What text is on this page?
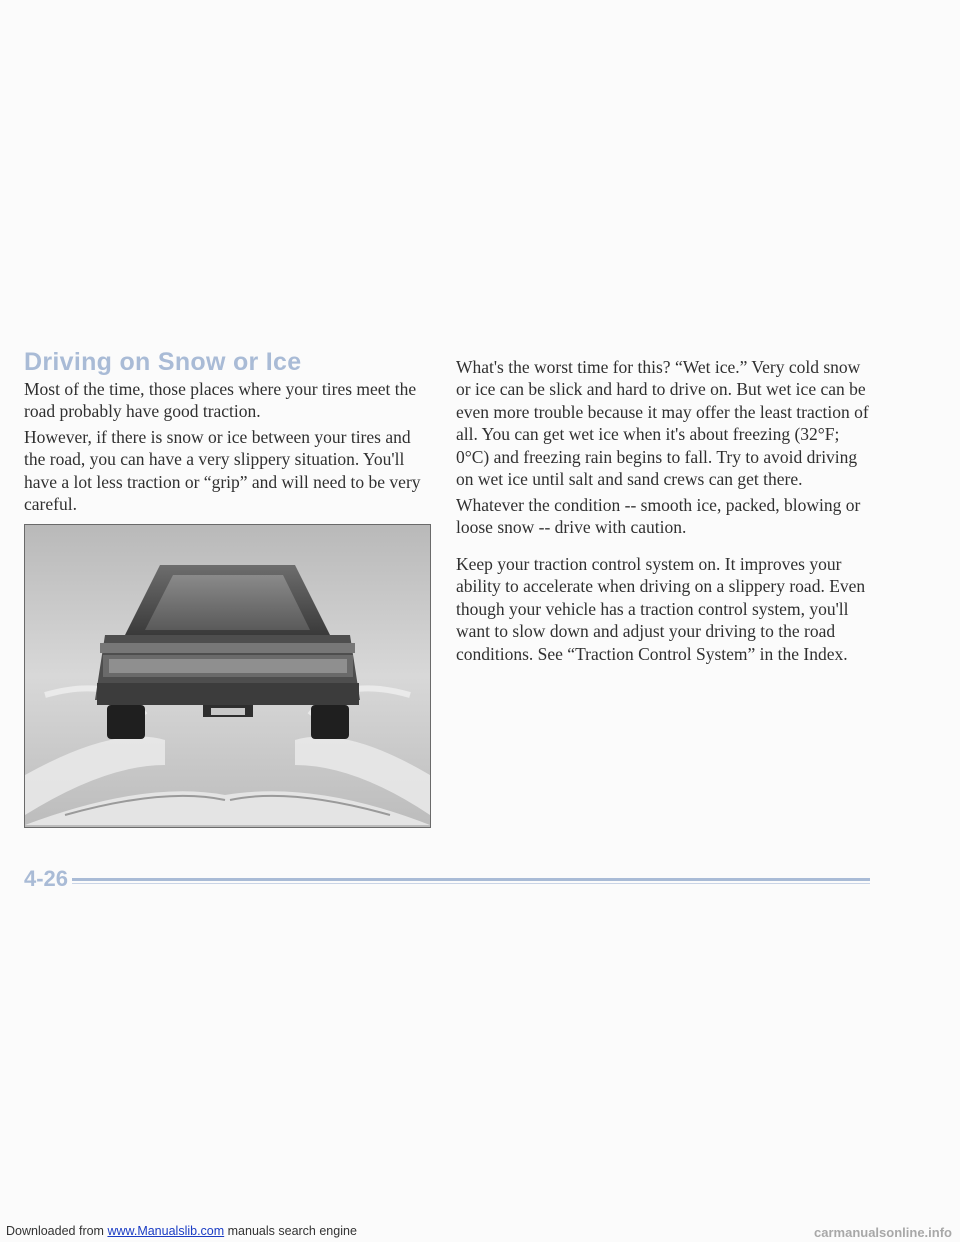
Driving on Snow or Ice

Most of the time, those places where your tires meet the road probably have good traction.

However, if there is snow or ice between your tires and the road, you can have a very slippery situation. You'll have a lot less traction or “grip” and will need to be very careful.

What's the worst time for this? “Wet ice.” Very cold snow or ice can be slick and hard to drive on. But wet ice can be even more trouble because it may offer the least traction of all. You can get wet ice when it's about freezing (32°F; 0°C) and freezing rain begins to fall. Try to avoid driving on wet ice until salt and sand crews can get there.

Whatever the condition -- smooth ice, packed, blowing or loose snow -- drive with caution.

Keep your traction control system on. It improves your ability to accelerate when driving on a slippery road. Even though your vehicle has a traction control system, you'll want to slow down and adjust your driving to the road conditions. See “Traction Control System” in the Index.

4-26
Downloaded from www.Manualslib.com manuals search engine	carmanualsonline.info
